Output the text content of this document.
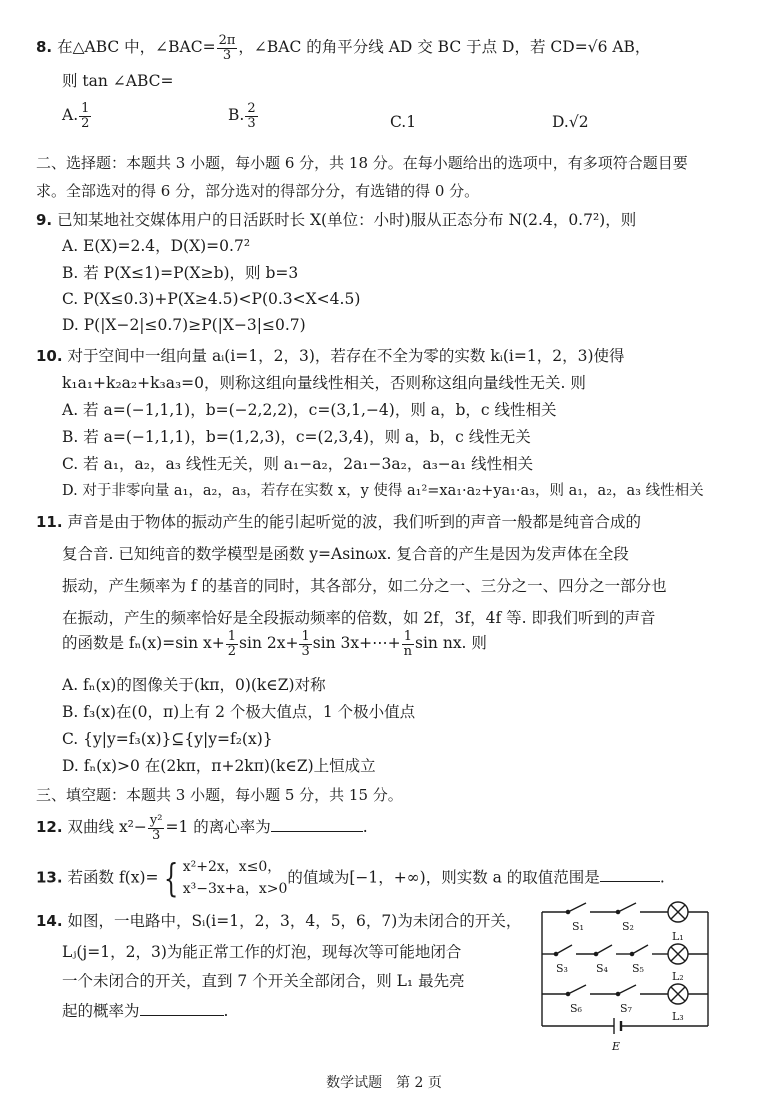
8. 在△ABC 中，∠BAC= $\frac{2\pi}{3}$ ，∠BAC 的角平分线 AD 交 BC 于点 D，若 CD=√6 AB，
则 tan ∠ABC=
A. $\frac{1}{2}$	B. $\frac{2}{3}$	C.1	D.√2
二、选择题：本题共 3 小题，每小题 6 分，共 18 分。在每小题给出的选项中，有多项符合题目要
求。全部选对的得 6 分，部分选对的得部分分，有选错的得 0 分。
9. 已知某地社交媒体用户的日活跃时长 X(单位：小时)服从正态分布 N(2.4，0.7²)，则
A. E(X)=2.4，D(X)=0.7²
B. 若 P(X≤1)=P(X≥b)，则 b=3
C. P(X≤0.3)+P(X≥4.5)<P(0.3<X<4.5)
D. P(|X−2|≤0.7)≥P(|X−3|≤0.7)
10. 对于空间中一组向量 aᵢ(i=1，2，3)，若存在不全为零的实数 kᵢ(i=1，2，3)使得
k₁a₁+k₂a₂+k₃a₃=0，则称这组向量线性相关，否则称这组向量线性无关. 则
A. 若 a=(−1,1,1)，b=(−2,2,2)，c=(3,1,−4)，则 a，b，c 线性相关
B. 若 a=(−1,1,1)，b=(1,2,3)，c=(2,3,4)，则 a，b，c 线性无关
C. 若 a₁，a₂，a₃ 线性无关，则 a₁−a₂，2a₁−3a₂，a₃−a₁ 线性相关
D. 对于非零向量 a₁，a₂，a₃，若存在实数 x，y 使得 a₁²=xa₁·a₂+ya₁·a₃，则 a₁，a₂，a₃ 线性相关
11. 声音是由于物体的振动产生的能引起听觉的波，我们听到的声音一般都是纯音合成的
复合音. 已知纯音的数学模型是函数 y=Asinωx. 复合音的产生是因为发声体在全段
振动，产生频率为 f 的基音的同时，其各部分，如二分之一、三分之一、四分之一部分也
在振动，产生的频率恰好是全段振动频率的倍数，如 2f，3f，4f 等. 即我们听到的声音
的函数是 fₙ(x)=sin $x+ \frac{1}{2}$ $\sin 2x+ \frac{1}{3}$ sin 3x+⋯+ $\frac{1}{n}$ sin nx. 则
A. fₙ(x)的图像关于(kπ，0)(k∈Z)对称
B. f₃(x)在(0，π)上有 2 个极大值点，1 个极小值点
C. {y|y=f₃(x)}⊆{y|y=f₂(x)}
D. fₙ(x)>0 在(2kπ，π+2kπ)(k∈Z)上恒成立
三、填空题：本题共 3 小题，每小题 5 分，共 15 分。
12. 双曲线 $x^2- \frac{\text{y²}}{3} =1$ 的离心率为	.
13. 若函数 f(x)= { x²+2x，x≤0，
x³−3x+a，x>0
的值域为[−1，+∞)，则实数 a 的取值范围是	.
14. 如图，一电路中，Sᵢ(i=1，2，3，4，5，6，7)为未闭合的开关，
Lⱼ(j=1，2，3)为能正常工作的灯泡，现每次等可能地闭合
一个未闭合的开关，直到 7 个开关全部闭合，则 L₁ 最先亮
起的概率为	.
S₁	S₂
L₁
S₃	S₄ S₅
L₂
S₆	S₇
L₃
E
数学试题　第 2 页
